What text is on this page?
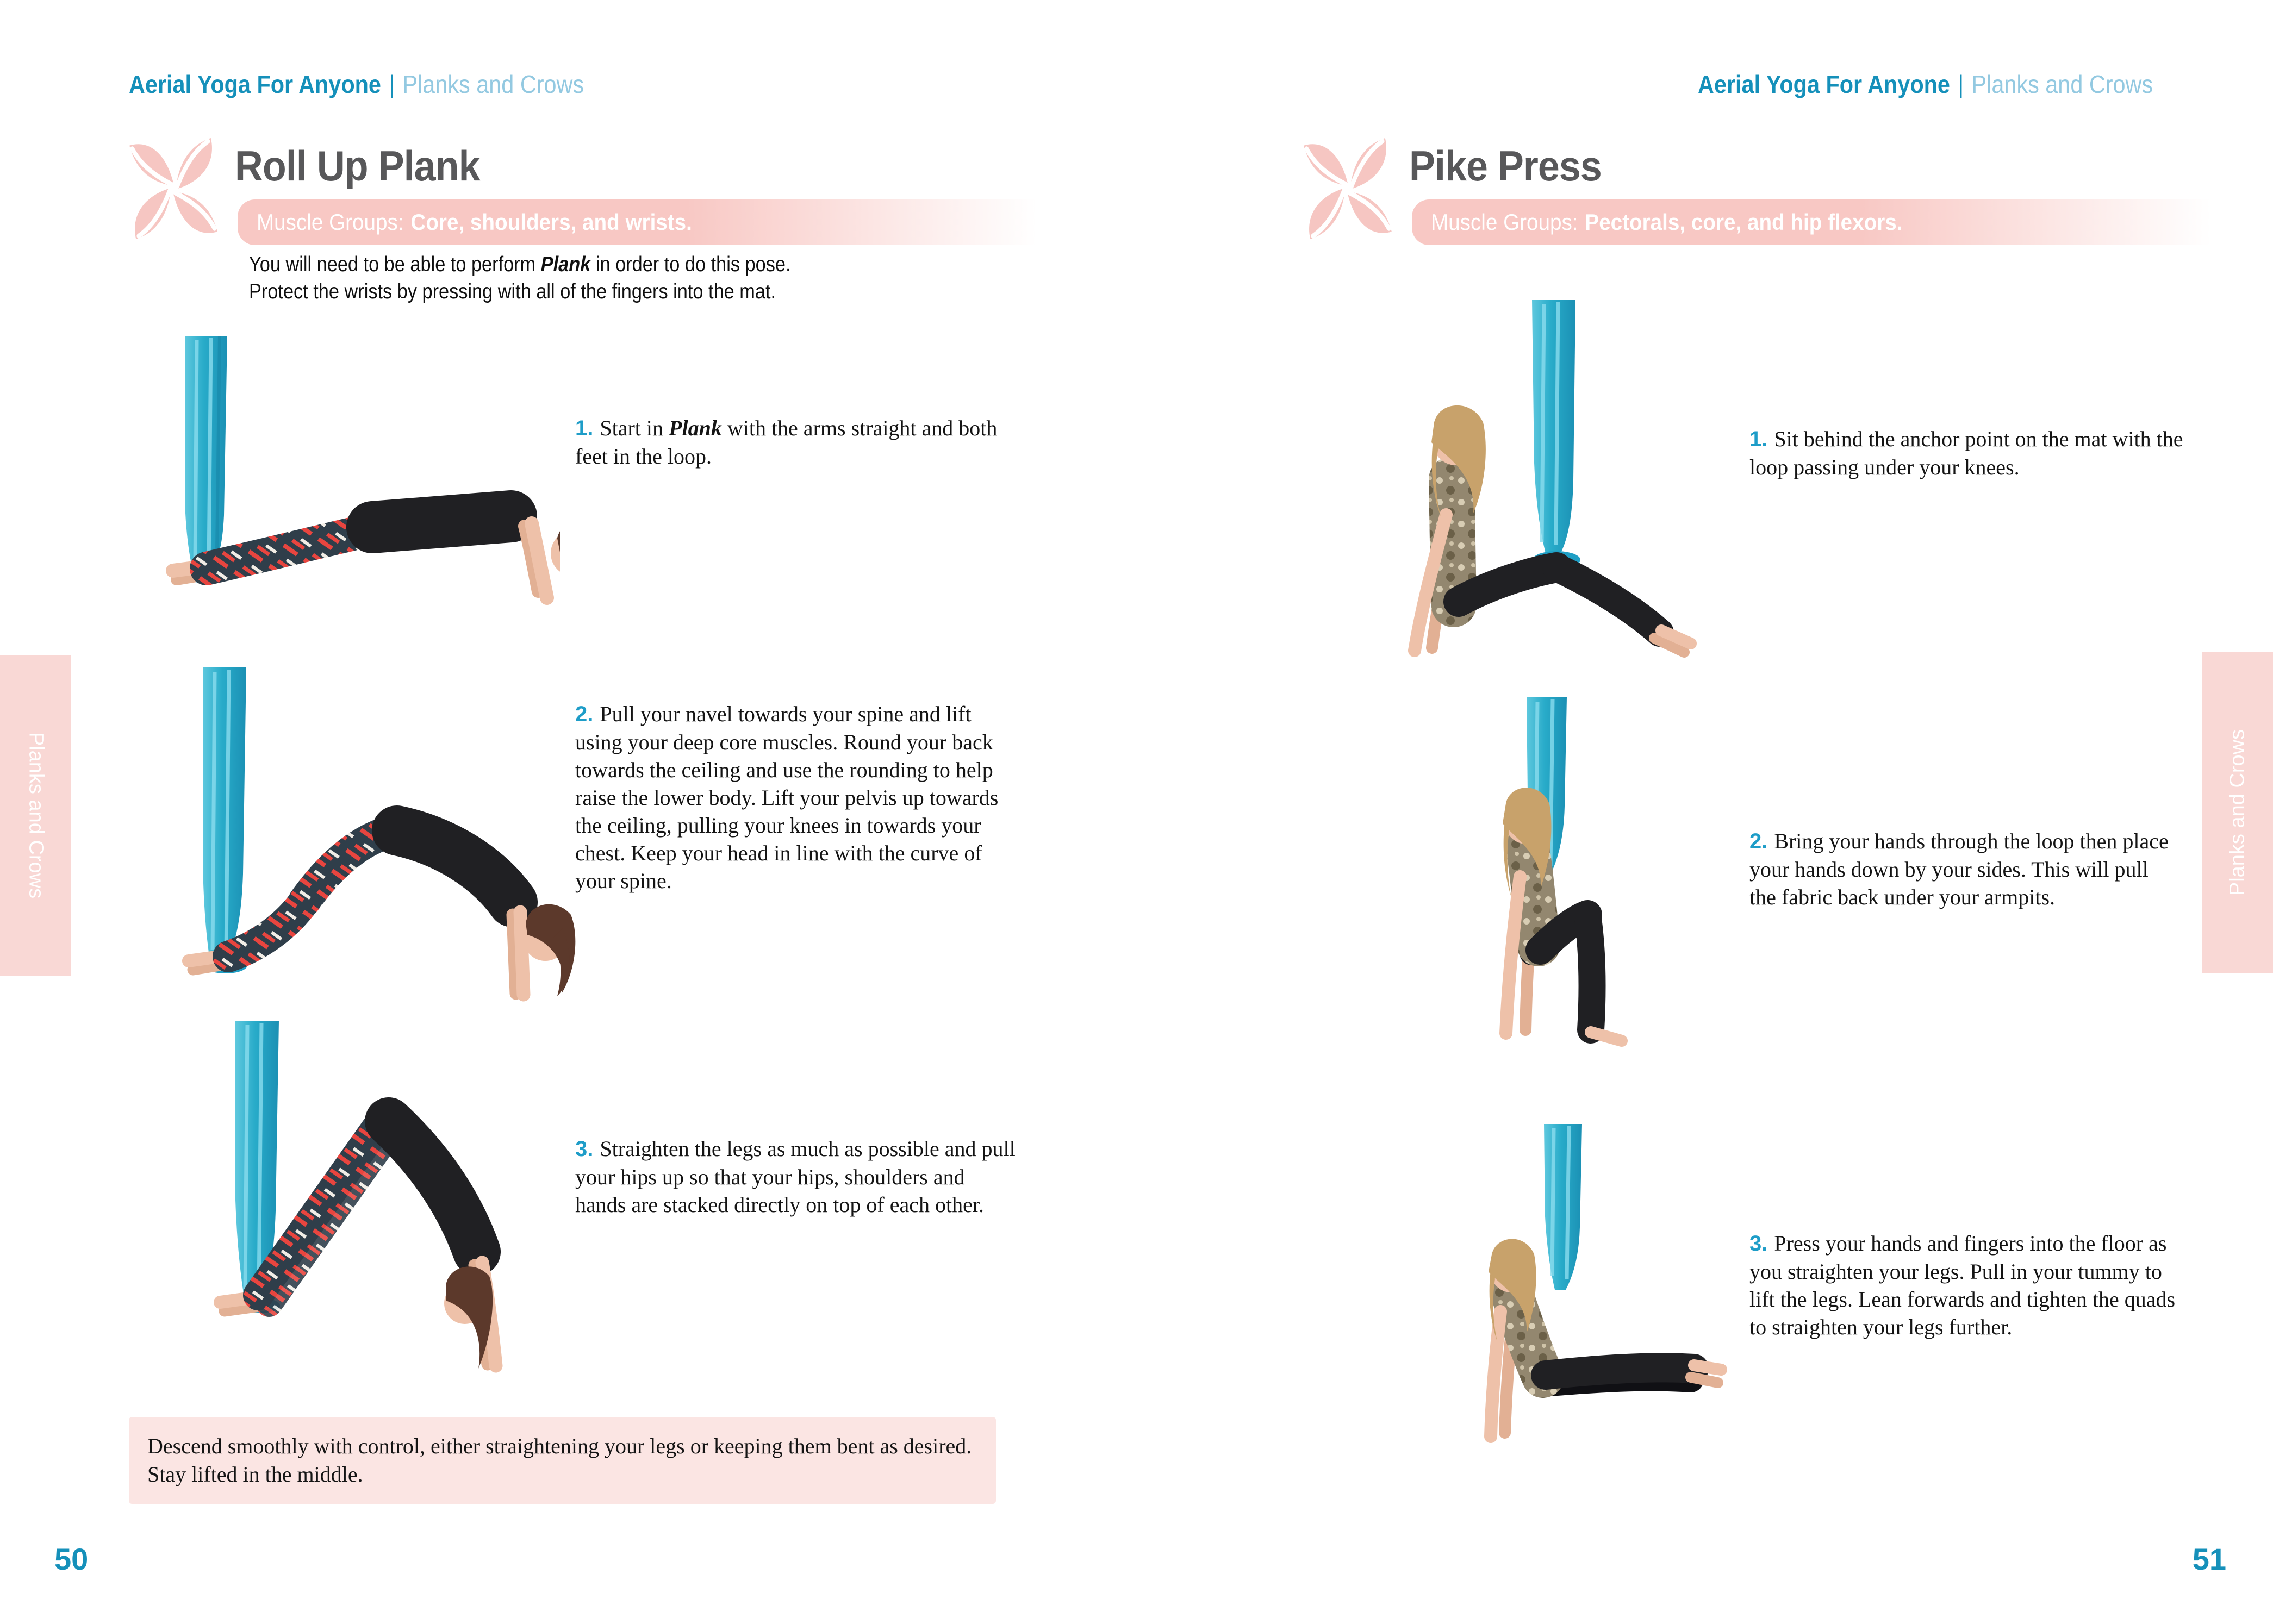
Aerial Yoga For Anyone | Planks and Crows
Roll Up Plank
Muscle Groups: Core, shoulders, and wrists.
You will need to be able to perform Plank in order to do this pose.
Protect the wrists by pressing with all of the fingers into the mat.
1. Start in Plank with the arms straight and both feet in the loop.
2. Pull your navel towards your spine and lift using your deep core muscles. Round your back towards the ceiling and use the rounding to help raise the lower body. Lift your pelvis up towards the ceiling, pulling your knees in towards your chest. Keep your head in line with the curve of your spine.
3. Straighten the legs as much as possible and pull your hips up so that your hips, shoulders and hands are stacked directly on top of each other.
Descend smoothly with control, either straightening your legs or keeping them bent as desired. Stay lifted in the middle.
50
Planks and Crows
Aerial Yoga For Anyone | Planks and Crows
Pike Press
Muscle Groups: Pectorals, core, and hip flexors.
1. Sit behind the anchor point on the mat with the loop passing under your knees.
2. Bring your hands through the loop then place your hands down by your sides. This will pull the fabric back under your armpits.
3. Press your hands and fingers into the floor as you straighten your legs. Pull in your tummy to lift the legs. Lean forwards and tighten the quads to straighten your legs further.
51
Planks and Crows
